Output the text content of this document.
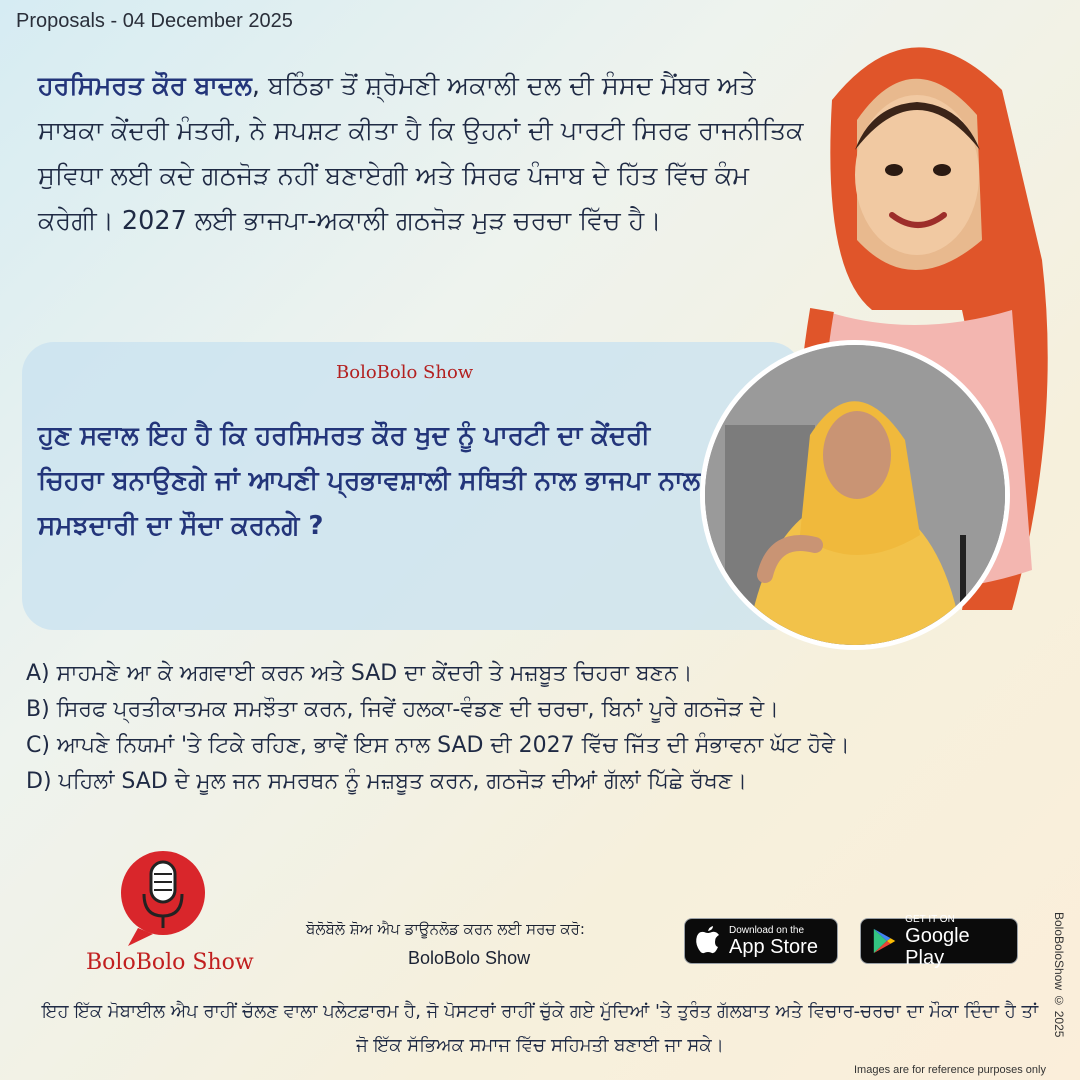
Proposals - 04 December 2025
ਹਰਸਿਮਰਤ ਕੌਰ ਬਾਦਲ, ਬਠਿੰਡਾ ਤੋਂ ਸ਼੍ਰੋਮਣੀ ਅਕਾਲੀ ਦਲ ਦੀ ਸੰਸਦ ਮੈਂਬਰ ਅਤੇ ਸਾਬਕਾ ਕੇਂਦਰੀ ਮੰਤਰੀ, ਨੇ ਸਪਸ਼ਟ ਕੀਤਾ ਹੈ ਕਿ ਉਹਨਾਂ ਦੀ ਪਾਰਟੀ ਸਿਰਫ ਰਾਜਨੀਤਿਕ ਸੁਵਿਧਾ ਲਈ ਕਦੇ ਗਠਜੋੜ ਨਹੀਂ ਬਣਾਏਗੀ ਅਤੇ ਸਿਰਫ ਪੰਜਾਬ ਦੇ ਹਿੱਤ ਵਿੱਚ ਕੰਮ ਕਰੇਗੀ। 2027 ਲਈ ਭਾਜਪਾ-ਅਕਾਲੀ ਗਠਜੋੜ ਮੁੜ ਚਰਚਾ ਵਿੱਚ ਹੈ।
BoloBolo Show
ਹੁਣ ਸਵਾਲ ਇਹ ਹੈ ਕਿ ਹਰਸਿਮਰਤ ਕੌਰ ਖੁਦ ਨੂੰ ਪਾਰਟੀ ਦਾ ਕੇਂਦਰੀ ਚਿਹਰਾ ਬਨਾਉਣਗੇ ਜਾਂ ਆਪਣੀ ਪ੍ਰਭਾਵਸ਼ਾਲੀ ਸਥਿਤੀ ਨਾਲ ਭਾਜਪਾ ਨਾਲ ਸਮਝਦਾਰੀ ਦਾ ਸੌਦਾ ਕਰਨਗੇ ?
A) ਸਾਹਮਣੇ ਆ ਕੇ ਅਗਵਾਈ ਕਰਨ ਅਤੇ SAD ਦਾ ਕੇਂਦਰੀ ਤੇ ਮਜ਼ਬੂਤ ਚਿਹਰਾ ਬਣਨ।
B) ਸਿਰਫ ਪ੍ਰਤੀਕਾਤਮਕ ਸਮਝੌਤਾ ਕਰਨ, ਜਿਵੇਂ ਹਲਕਾ-ਵੰਡਣ ਦੀ ਚਰਚਾ, ਬਿਨਾਂ ਪੂਰੇ ਗਠਜੋੜ ਦੇ।
C) ਆਪਣੇ ਨਿਯਮਾਂ 'ਤੇ ਟਿਕੇ ਰਹਿਣ, ਭਾਵੇਂ ਇਸ ਨਾਲ SAD ਦੀ 2027 ਵਿੱਚ ਜਿੱਤ ਦੀ ਸੰਭਾਵਨਾ ਘੱਟ ਹੋਵੇ।
D) ਪਹਿਲਾਂ SAD ਦੇ ਮੂਲ ਜਨ ਸਮਰਥਨ ਨੂੰ ਮਜ਼ਬੂਤ ਕਰਨ, ਗਠਜੋੜ ਦੀਆਂ ਗੱਲਾਂ ਪਿੱਛੇ ਰੱਖਣ।
BoloBolo Show
ਬੋਲੋਬੋਲੋ ਸ਼ੋਅ ਐਪ ਡਾਊਨਲੋਡ ਕਰਨ ਲਈ ਸਰਚ ਕਰੋ:
BoloBolo Show
Download on the
App Store
GET IT ON
Google Play
ਇਹ ਇੱਕ ਮੋਬਾਈਲ ਐਪ ਰਾਹੀਂ ਚੱਲਣ ਵਾਲਾ ਪਲੇਟਫ਼ਾਰਮ ਹੈ, ਜੋ ਪੋਸਟਰਾਂ ਰਾਹੀਂ ਚੁੱਕੇ ਗਏ ਮੁੱਦਿਆਂ 'ਤੇ ਤੁਰੰਤ ਗੱਲਬਾਤ ਅਤੇ ਵਿਚਾਰ-ਚਰਚਾ ਦਾ ਮੌਕਾ ਦਿੰਦਾ ਹੈ ਤਾਂ ਜੋ ਇੱਕ ਸੱਭਿਅਕ ਸਮਾਜ ਵਿੱਚ ਸਹਿਮਤੀ ਬਣਾਈ ਜਾ ਸਕੇ।
BoloBoloShow © 2025
Images are for reference purposes only
